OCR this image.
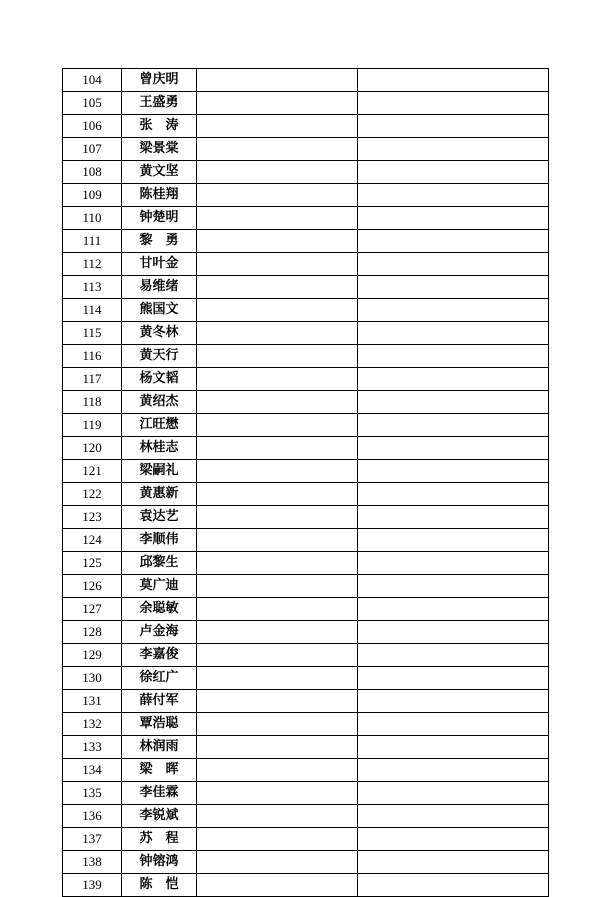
104	曾庆明		
105	王盛勇		
106	张　涛		
107	梁景棠		
108	黄文坚		
109	陈桂翔		
110	钟楚明		
111	黎　勇		
112	甘叶金		
113	易维绪		
114	熊国文		
115	黄冬林		
116	黄天行		
117	杨文韬		
118	黄绍杰		
119	江旺懋		
120	林桂志		
121	梁嗣礼		
122	黄惠新		
123	袁达艺		
124	李顺伟		
125	邱黎生		
126	莫广迪		
127	余聪敏		
128	卢金海		
129	李嘉俊		
130	徐红广		
131	薛付军		
132	覃浩聪		
133	林润雨		
134	梁　晖		
135	李佳霖		
136	李锐斌		
137	苏　程		
138	钟镕鸿		
139	陈　恺		
